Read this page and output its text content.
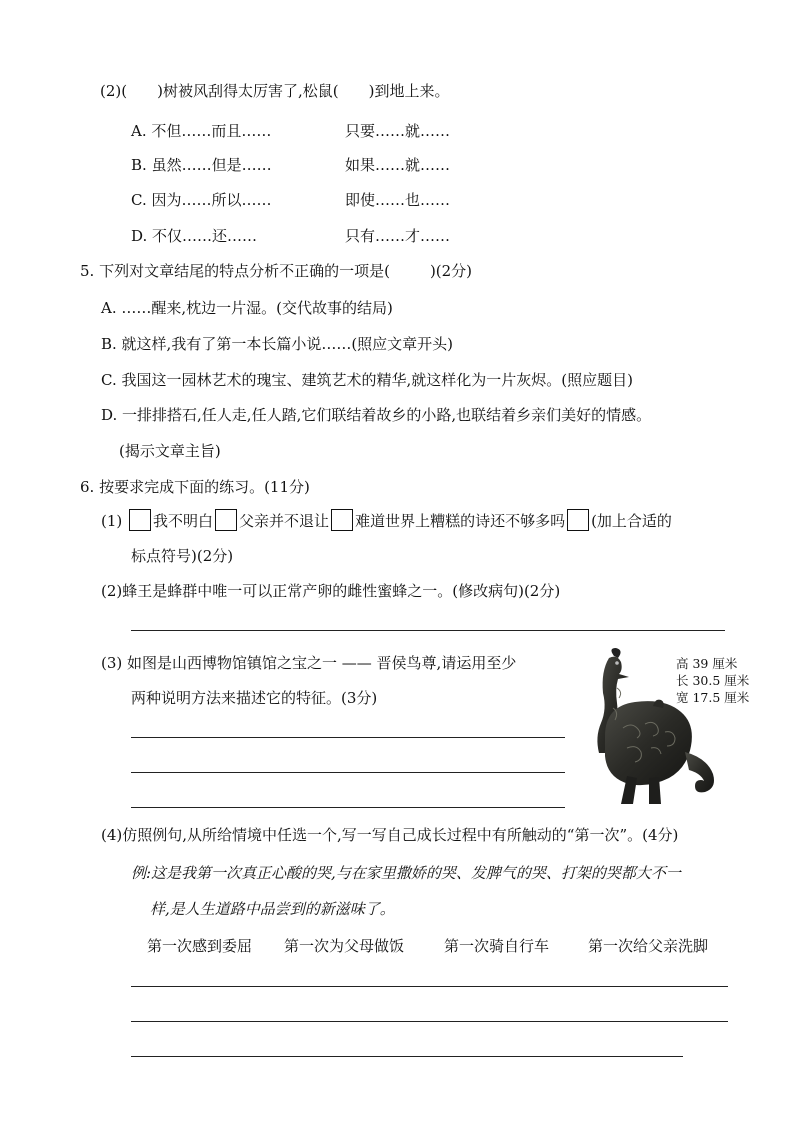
(2)( )树被风刮得太厉害了,松鼠( )到地上来。
A. 不但……而且……	只要……就……
B. 虽然……但是……	如果……就……
C. 因为……所以……	即使……也……
D. 不仅……还……	只有……才……
5. 下列对文章结尾的特点分析不正确的一项是(	)(2分)
A. ……醒来,枕边一片湿。(交代故事的结局)
B. 就这样,我有了第一本长篇小说……(照应文章开头)
C. 我国这一园林艺术的瑰宝、建筑艺术的精华,就这样化为一片灰烬。(照应题目)
D. 一排排搭石,任人走,任人踏,它们联结着故乡的小路,也联结着乡亲们美好的情感。
(揭示文章主旨)
6. 按要求完成下面的练习。(11分)
(1) 我不明白 父亲并不退让 难道世界上糟糕的诗还不够多吗 (加上合适的
标点符号)(2分)
(2)蜂王是蜂群中唯一可以正常产卵的雌性蜜蜂之一。(修改病句)(2分)
(3) 如图是山西博物馆镇馆之宝之一 —— 晋侯鸟尊,请运用至少
两种说明方法来描述它的特征。(3分)
高 39 厘米
长 30.5 厘米
宽 17.5 厘米
(4)仿照例句,从所给情境中任选一个,写一写自己成长过程中有所触动的“第一次”。(4分)
例:这是我第一次真正心酸的哭,与在家里撒娇的哭、发脾气的哭、打架的哭都大不一
样,是人生道路中品尝到的新滋味了。
第一次感到委屈 第一次为父母做饭	第一次骑自行车	第一次给父亲洗脚
